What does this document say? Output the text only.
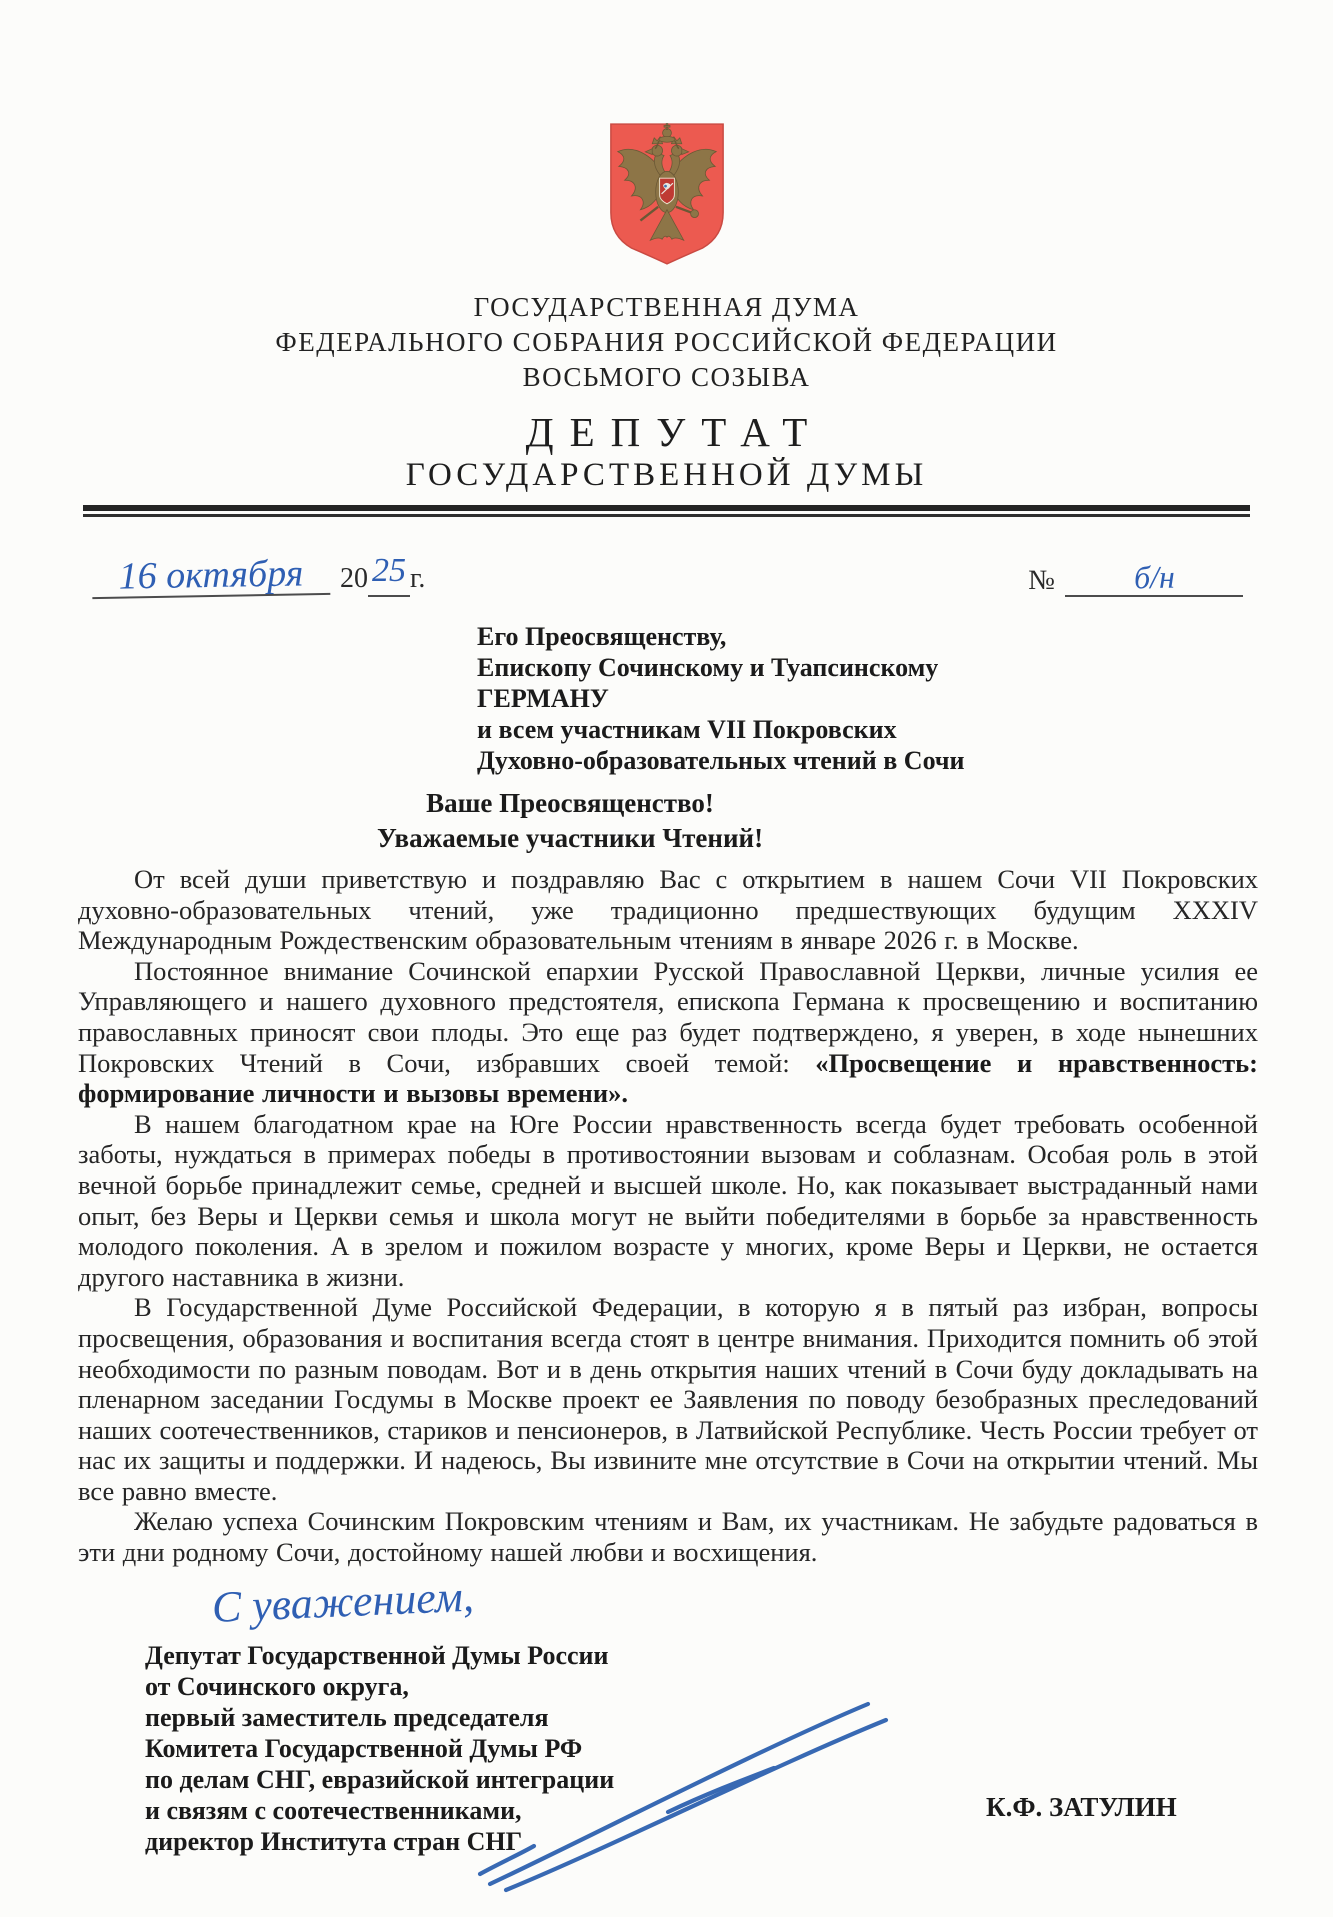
ГОСУДАРСТВЕННАЯ ДУМА
ФЕДЕРАЛЬНОГО СОБРАНИЯ РОССИЙСКОЙ ФЕДЕРАЦИИ
ВОСЬМОГО СОЗЫВА
ДЕПУТАТ
ГОСУДАРСТВЕННОЙ ДУМЫ
16 октября 20 25 г.	№	б/н
Его Преосвященству,
Епископу Сочинскому и Туапсинскому
ГЕРМАНУ
и всем участникам VII Покровских
Духовно-образовательных чтений в Сочи
Ваше Преосвященство!
Уважаемые участники Чтений!

От всей души приветствую и поздравляю Вас с открытием в нашем Сочи VII Покровских духовно-образовательных чтений, уже традиционно предшествующих будущим XXXIV Международным Рождественским образовательным чтениям в январе 2026 г. в Москве.

Постоянное внимание Сочинской епархии Русской Православной Церкви, личные усилия ее Управляющего и нашего духовного предстоятеля, епископа Германа к просвещению и воспитанию православных приносят свои плоды. Это еще раз будет подтверждено, я уверен, в ходе нынешних Покровских Чтений в Сочи, избравших своей темой: «Просвещение и нравственность: формирование личности и вызовы времени».

В нашем благодатном крае на Юге России нравственность всегда будет требовать особенной заботы, нуждаться в примерах победы в противостоянии вызовам и соблазнам. Особая роль в этой вечной борьбе принадлежит семье, средней и высшей школе. Но, как показывает выстраданный нами опыт, без Веры и Церкви семья и школа могут не выйти победителями в борьбе за нравственность молодого поколения. А в зрелом и пожилом возрасте у многих, кроме Веры и Церкви, не остается другого наставника в жизни.

В Государственной Думе Российской Федерации, в которую я в пятый раз избран, вопросы просвещения, образования и воспитания всегда стоят в центре внимания. Приходится помнить об этой необходимости по разным поводам. Вот и в день открытия наших чтений в Сочи буду докладывать на пленарном заседании Госдумы в Москве проект ее Заявления по поводу безобразных преследований наших соотечественников, стариков и пенсионеров, в Латвийской Республике. Честь России требует от нас их защиты и поддержки. И надеюсь, Вы извините мне отсутствие в Сочи на открытии чтений. Мы все равно вместе.

Желаю успеха Сочинским Покровским чтениям и Вам, их участникам. Не забудьте радоваться в эти дни родному Сочи, достойному нашей любви и восхищения.

С уважением,
Депутат Государственной Думы России
от Сочинского округа,
первый заместитель председателя
Комитета Государственной Думы РФ
по делам СНГ, евразийской интеграции
и связям с соотечественниками,
директор Института стран СНГ
К.Ф. ЗАТУЛИН
